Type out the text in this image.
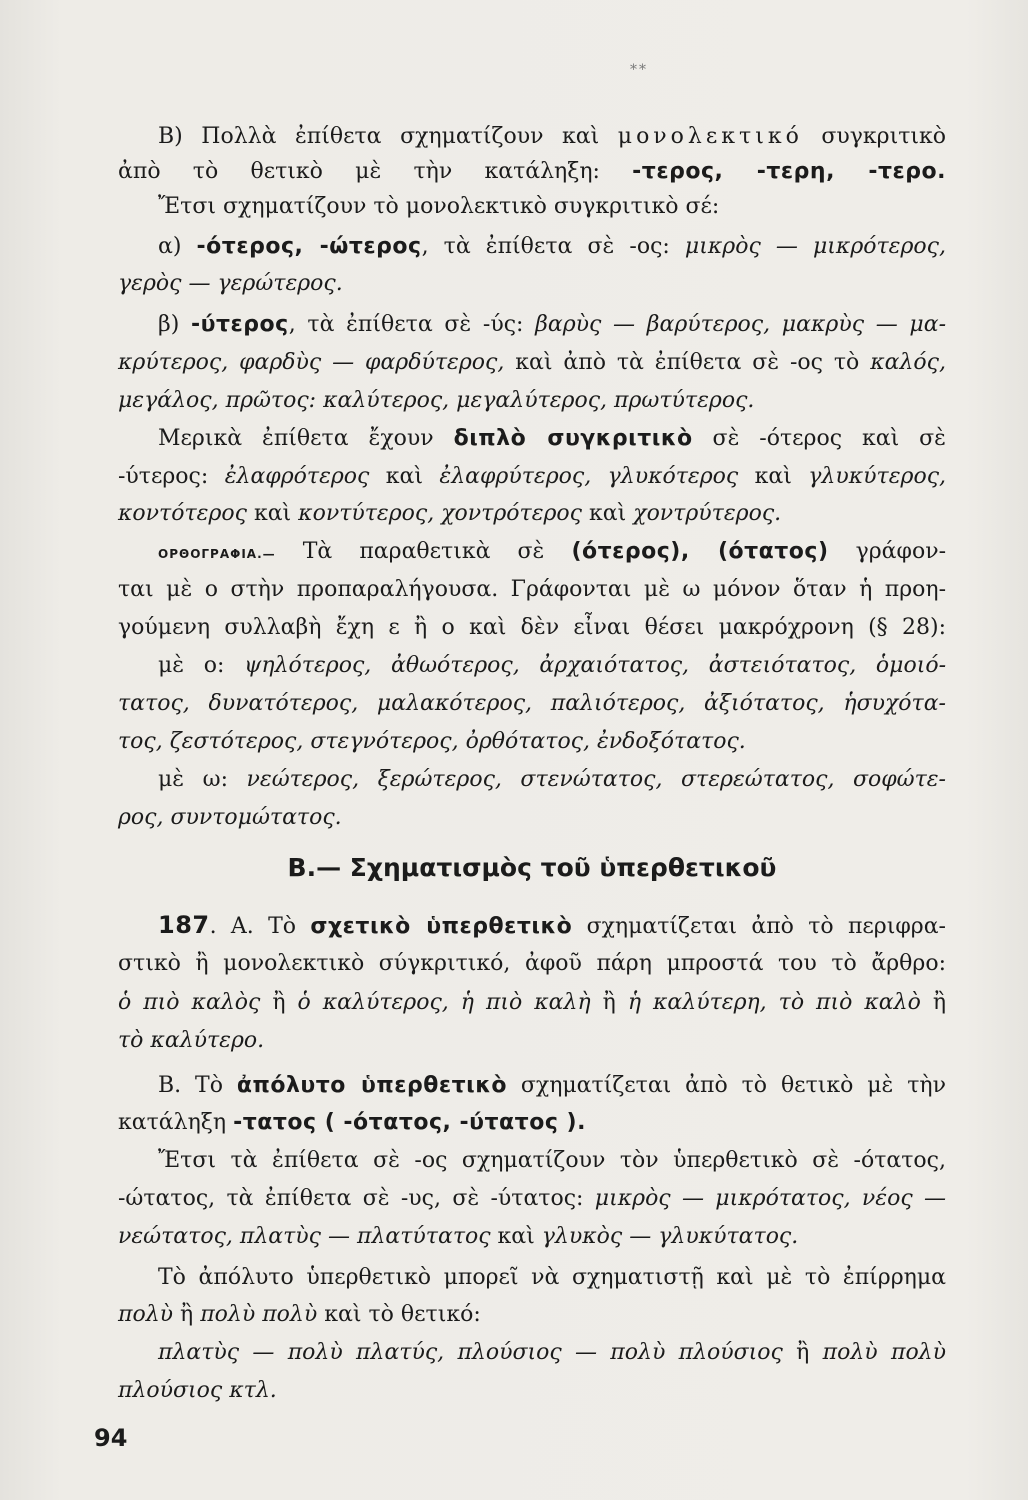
**
Β) Πολλὰ ἐπίθετα σχηματίζουν καὶ μονολεκτικό συγκριτικὸ
ἀπὸ τὸ θετικὸ μὲ τὴν κατάληξη: -τερος, -τερη, -τερο.
Ἔτσι σχηματίζουν τὸ μονολεκτικὸ συγκριτικὸ σέ:
α) -ότερος, -ώτερος, τὰ ἐπίθετα σὲ -ος: μικρὸς — μικρότερος,
γερὸς — γερώτερος.
β) -ύτερος, τὰ ἐπίθετα σὲ -ύς: βαρὺς — βαρύτερος, μακρὺς — μα-
κρύτερος, φαρδὺς — φαρδύτερος, καὶ ἀπὸ τὰ ἐπίθετα σὲ -ος τὸ καλός,
μεγάλος, πρῶτος: καλύτερος, μεγαλύτερος, πρωτύτερος.
Μερικὰ ἐπίθετα ἔχουν διπλὸ συγκριτικὸ σὲ -ότερος καὶ σὲ
-ύτερος: ἐλαφρότερος καὶ ἐλαφρύτερος, γλυκότερος καὶ γλυκύτερος,
κοντότερος καὶ κοντύτερος, χοντρότερος καὶ χοντρύτερος.
ΟΡΘΟΓΡΑΦΙΑ.— Τὰ παραθετικὰ σὲ (ότερος), (ότατος) γράφον-
ται μὲ ο στὴν προπαραλήγουσα. Γράφονται μὲ ω μόνον ὅταν ἡ προη-
γούμενη συλλαβὴ ἔχη ε ἢ ο καὶ δὲν εἶναι θέσει μακρόχρονη (§ 28):
μὲ ο: ψηλότερος, ἀθωότερος, ἀρχαιότατος, ἀστειότατος, ὁμοιό-
τατος, δυνατότερος, μαλακότερος, παλιότερος, ἀξιότατος, ἡσυχότα-
τος, ζεστότερος, στεγνότερος, ὀρθότατος, ἐνδοξότατος.
μὲ ω: νεώτερος, ξερώτερος, στενώτατος, στερεώτατος, σοφώτε-
ρος, συντομώτατος.
Β.— Σχηματισμὸς τοῦ ὑπερθετικοῦ
187. Α. Τὸ σχετικὸ ὑπερθετικὸ σχηματίζεται ἀπὸ τὸ περιφρα-
στικὸ ἢ μονολεκτικὸ σύγκριτικό, ἀφοῦ πάρη μπροστά του τὸ ἄρθρο:
ὁ πιὸ καλὸς ἢ ὁ καλύτερος, ἡ πιὸ καλὴ ἢ ἡ καλύτερη, τὸ πιὸ καλὸ ἢ
τὸ καλύτερο.
Β. Τὸ ἀπόλυτο ὑπερθετικὸ σχηματίζεται ἀπὸ τὸ θετικὸ μὲ τὴν
κατάληξη -τατος ( -ότατος, -ύτατος ).
Ἔτσι τὰ ἐπίθετα σὲ -ος σχηματίζουν τὸν ὑπερθετικὸ σὲ -ότατος,
-ώτατος, τὰ ἐπίθετα σὲ -υς, σὲ -ύτατος: μικρὸς — μικρότατος, νέος —
νεώτατος, πλατὺς — πλατύτατος καὶ γλυκὸς — γλυκύτατος.
Τὸ ἀπόλυτο ὑπερθετικὸ μπορεῖ νὰ σχηματιστῇ καὶ μὲ τὸ ἐπίρρημα
πολὺ ἢ πολὺ πολὺ καὶ τὸ θετικό:
πλατὺς — πολὺ πλατύς, πλούσιος — πολὺ πλούσιος ἢ πολὺ πολὺ
πλούσιος κτλ.
94
